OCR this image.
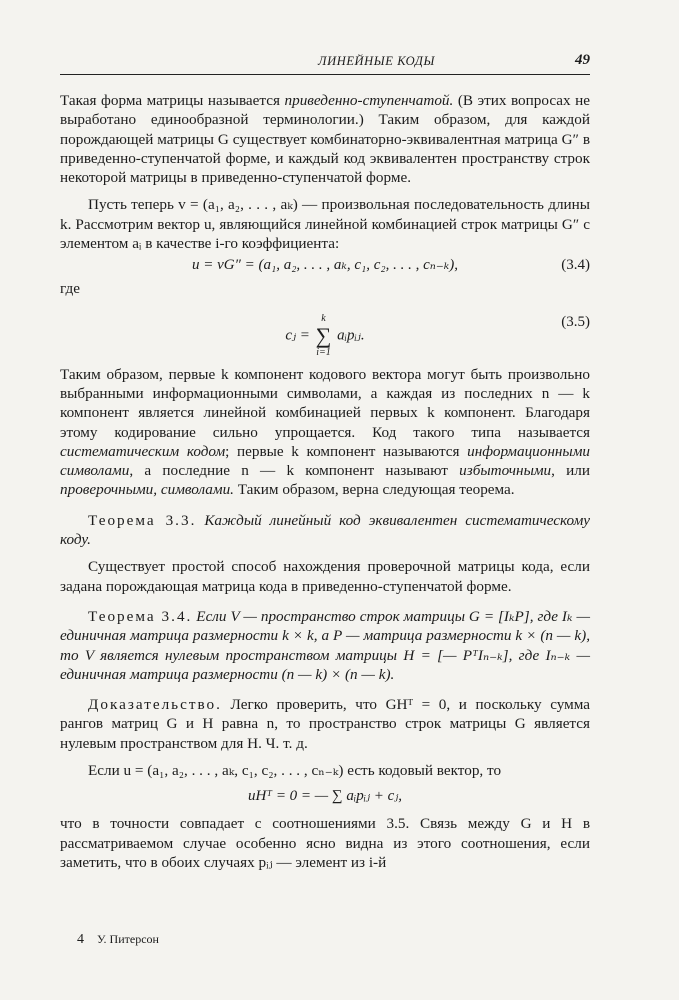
ЛИНЕЙНЫЕ КОДЫ	49

Такая форма матрицы называется приведенно-ступенчатой. (В этих вопросах не выработано единообразной терминологии.) Таким образом, для каждой порождающей матрицы G существует комбинаторно-эквивалентная матрица G″ в приведенно-ступенчатой форме, и каждый код эквивалентен пространству строк некоторой матрицы в приведенно-ступенчатой форме.

Пусть теперь v = (a₁, a₂, . . . , aₖ) — произвольная последовательность длины k. Рассмотрим вектор u, являющийся линейной комбинацией строк матрицы G″ с элементом aᵢ в качестве i-го коэффициента:

u = vG″ = (a₁, a₂, . . . , aₖ, c₁, c₂, . . . , cₙ₋ₖ),	(3.4)

где

cⱼ =
k
∑
i=1
aᵢpᵢⱼ.
(3.5)

Таким образом, первые k компонент кодового вектора могут быть произвольно выбранными информационными символами, а каждая из последних n — k компонент является линейной комбинацией первых k компонент. Благодаря этому кодирование сильно упрощается. Код такого типа называется систематическим кодом; первые k компонент называются информационными символами, а последние n — k компонент называют избыточными, или проверочными, символами. Таким образом, верна следующая теорема.

Теорема 3.3. Каждый линейный код эквивалентен систематическому коду.

Существует простой способ нахождения проверочной матрицы кода, если задана порождающая матрица кода в приведенно-ступенчатой форме.

Теорема 3.4. Если V — пространство строк матрицы G = [IₖP], где Iₖ — единичная матрица размерности k × k, а P — матрица размерности k × (n — k), то V является нулевым пространством матрицы H = [— PᵀIₙ₋ₖ], где Iₙ₋ₖ — единичная матрица размерности (n — k) × (n — k).

Доказательство. Легко проверить, что GHᵀ = 0, и поскольку сумма рангов матриц G и H равна n, то пространство строк матрицы G является нулевым пространством для H. Ч. т. д.

Если u = (a₁, a₂, . . . , aₖ, c₁, c₂, . . . , cₙ₋ₖ) есть кодовый вектор, то

uHᵀ = 0 = — ∑ aᵢpᵢⱼ + cⱼ,

что в точности совпадает с соотношениями 3.5. Связь между G и H в рассматриваемом случае особенно ясно видна из этого соотношения, если заметить, что в обоих случаях pᵢⱼ — элемент из i-й

4 У. Питерсон
